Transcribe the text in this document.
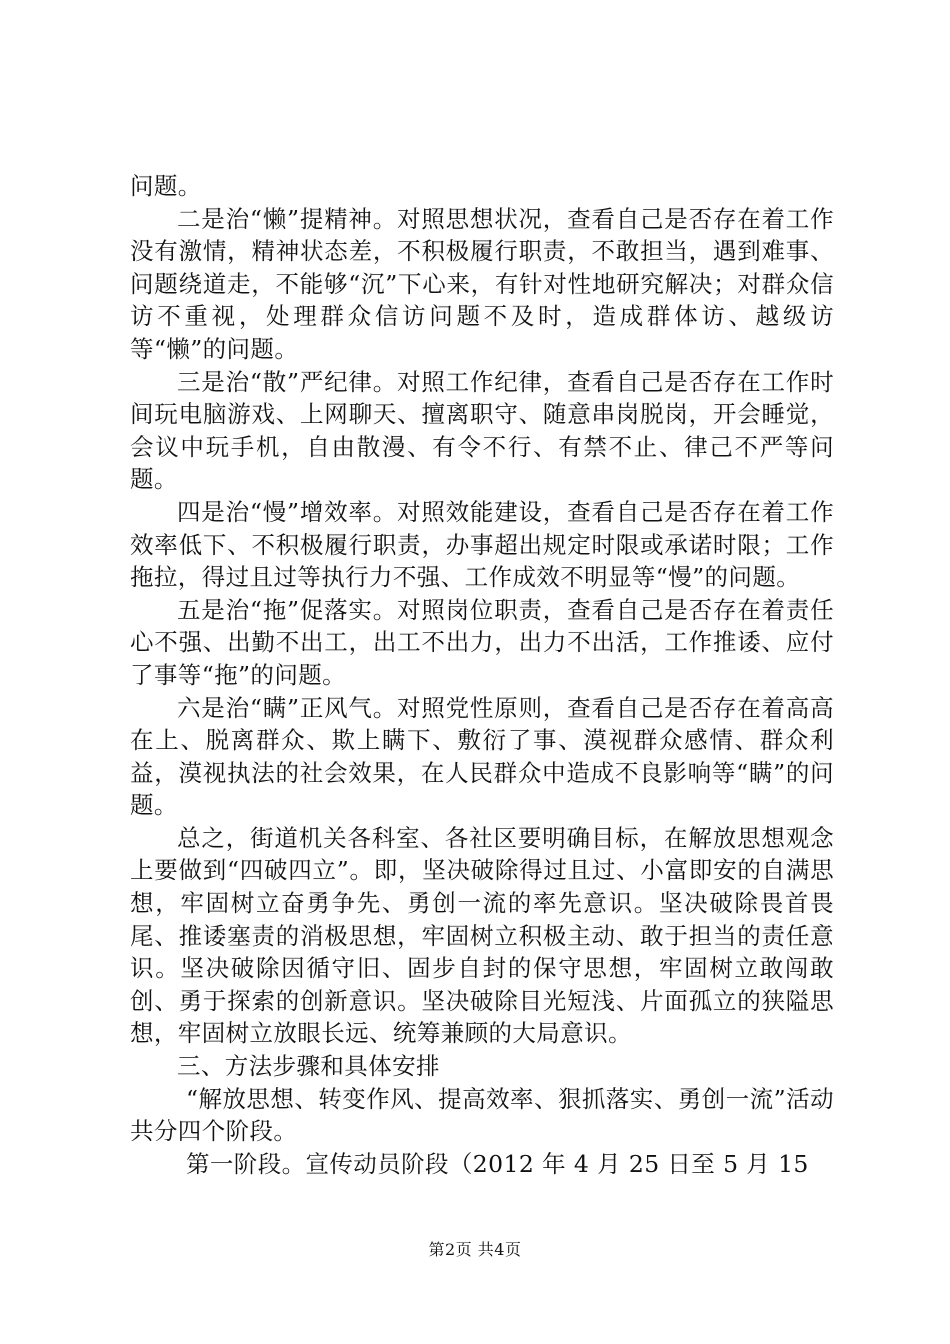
问题。

二是治“懒”提精神。对照思想状况，查看自己是否存在着工作没有激情，精神状态差，不积极履行职责，不敢担当，遇到难事、问题绕道走，不能够“沉”下心来，有针对性地研究解决；对群众信访不重视，处理群众信访问题不及时，造成群体访、越级访等“懒”的问题。

三是治“散”严纪律。对照工作纪律，查看自己是否存在工作时间玩电脑游戏、上网聊天、擅离职守、随意串岗脱岗，开会睡觉，会议中玩手机，自由散漫、有令不行、有禁不止、律己不严等问题。

四是治“慢”增效率。对照效能建设，查看自己是否存在着工作效率低下、不积极履行职责，办事超出规定时限或承诺时限；工作拖拉，得过且过等执行力不强、工作成效不明显等“慢”的问题。

五是治“拖”促落实。对照岗位职责，查看自己是否存在着责任心不强、出勤不出工，出工不出力，出力不出活，工作推诿、应付了事等“拖”的问题。

六是治“瞒”正风气。对照党性原则，查看自己是否存在着高高在上、脱离群众、欺上瞒下、敷衍了事、漠视群众感情、群众利益，漠视执法的社会效果，在人民群众中造成不良影响等“瞒”的问题。

总之，街道机关各科室、各社区要明确目标，在解放思想观念上要做到“四破四立”。即，坚决破除得过且过、小富即安的自满思想，牢固树立奋勇争先、勇创一流的率先意识。坚决破除畏首畏尾、推诿塞责的消极思想，牢固树立积极主动、敢于担当的责任意识。坚决破除因循守旧、固步自封的保守思想，牢固树立敢闯敢创、勇于探索的创新意识。坚决破除目光短浅、片面孤立的狭隘思想，牢固树立放眼长远、统筹兼顾的大局意识。

三、方法步骤和具体安排

“解放思想、转变作风、提高效率、狠抓落实、勇创一流”活动共分四个阶段。

第一阶段。宣传动员阶段（2012 年 4 月 25 日至 5 月 15

第2页 共4页
